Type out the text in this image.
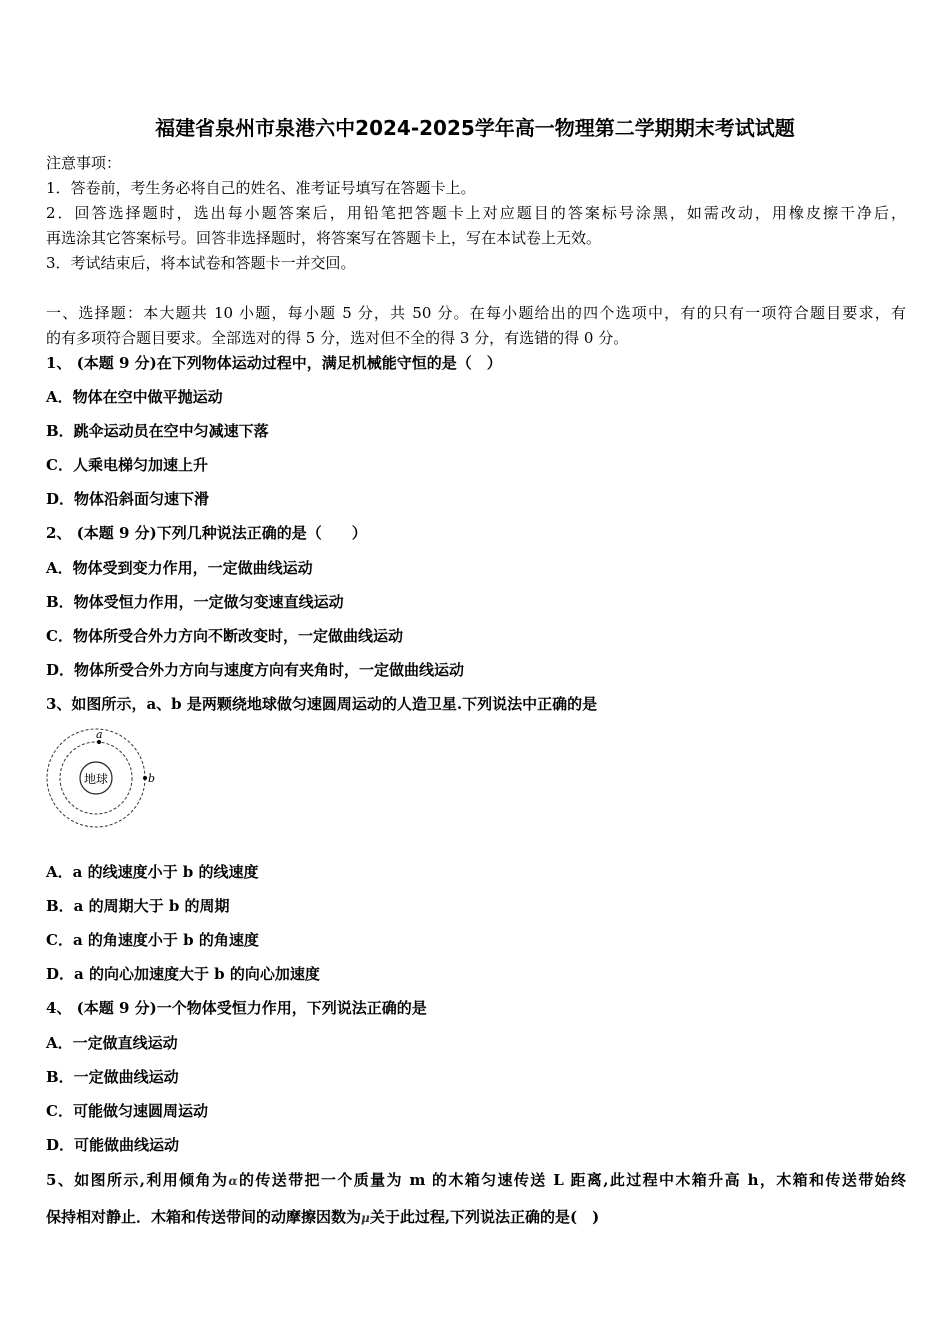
福建省泉州市泉港六中2024-2025学年高一物理第二学期期末考试试题
注意事项：
1．答卷前，考生务必将自己的姓名、准考证号填写在答题卡上。
2．回答选择题时，选出每小题答案后，用铅笔把答题卡上对应题目的答案标号涂黑，如需改动，用橡皮擦干净后，
再选涂其它答案标号。回答非选择题时，将答案写在答题卡上，写在本试卷上无效。
3．考试结束后，将本试卷和答题卡一并交回。
一、选择题：本大题共 10 小题，每小题 5 分，共 50 分。在每小题给出的四个选项中，有的只有一项符合题目要求，有
的有多项符合题目要求。全部选对的得 5 分，选对但不全的得 3 分，有选错的得 0 分。
1、 (本题 9 分)在下列物体运动过程中，满足机械能守恒的是（　）
A．物体在空中做平抛运动
B．跳伞运动员在空中匀减速下落
C．人乘电梯匀加速上升
D．物体沿斜面匀速下滑
2、 (本题 9 分)下列几种说法正确的是（　　）
A．物体受到变力作用，一定做曲线运动
B．物体受恒力作用，一定做匀变速直线运动
C．物体所受合外力方向不断改变时，一定做曲线运动
D．物体所受合外力方向与速度方向有夹角时，一定做曲线运动
3、如图所示，a、b 是两颗绕地球做匀速圆周运动的人造卫星.下列说法中正确的是
地球
a
b
A．a 的线速度小于 b 的线速度
B．a 的周期大于 b 的周期
C．a 的角速度小于 b 的角速度
D．a 的向心加速度大于 b 的向心加速度
4、 (本题 9 分)一个物体受恒力作用，下列说法正确的是
A．一定做直线运动
B．一定做曲线运动
C．可能做匀速圆周运动
D．可能做曲线运动
5、如图所示,利用倾角为α的传送带把一个质量为 m 的木箱匀速传送 L 距离,此过程中木箱升高 h，木箱和传送带始终
保持相对静止．木箱和传送带间的动摩擦因数为μ关于此过程,下列说法正确的是(　)
